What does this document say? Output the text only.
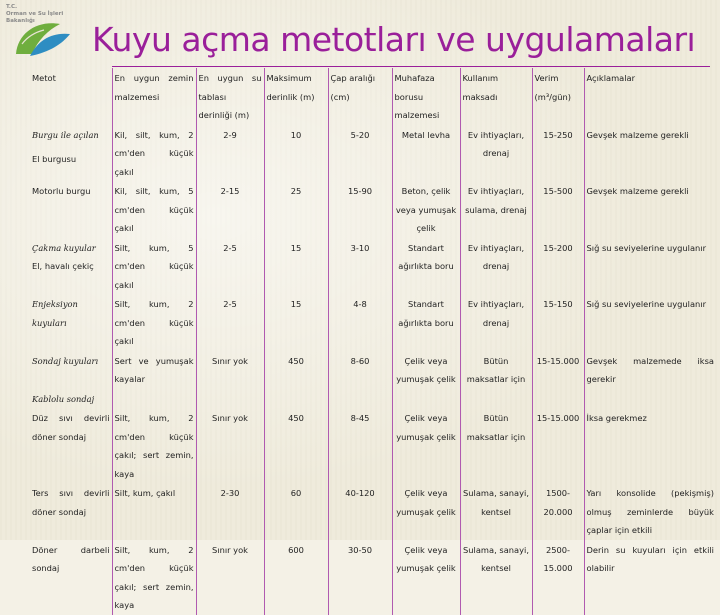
T.C.
Orman ve Su İşleri
Bakanlığı	Kuyu açma metotları ve uygulamaları
Metot	En uygun zemin malzemesi	En uygun su tablası derinliği (m)	Maksimum derinlik (m)	Çap aralığı (cm)	Muhafaza borusu malzemesi	Kullanım maksadı	Verim (m³/gün)	Açıklamalar

Burgu ile açılan
El burgusu	Kil, silt, kum, 2 cm'den küçük çakıl	2-9	10	5-20	Metal levha	Ev ihtiyaçları, drenaj	15-250	Gevşek malzeme gerekli
Motorlu burgu	Kil, silt, kum, 5 cm'den küçük çakıl	2-15	25	15-90	Beton, çelik veya yumuşak çelik	Ev ihtiyaçları, sulama, drenaj	15-500	Gevşek malzeme gerekli

Çakma kuyular
El, havalı çekiç	Silt, kum, 5 cm'den küçük çakıl	2-5	15	3-10	Standart ağırlıkta boru	Ev ihtiyaçları, drenaj	15-200	Sığ su seviyelerine uygulanır

Enjeksiyon kuyuları	Silt, kum, 2 cm'den küçük çakıl	2-5	15	4-8	Standart ağırlıkta boru	Ev ihtiyaçları, drenaj	15-150	Sığ su seviyelerine uygulanır
Sondaj kuyuları	Sert ve yumuşak kayalar	Sınır yok	450	8-60	Çelik veya yumuşak çelik	Bütün maksatlar için	15-15.000	Gevşek malzemede iksa gerekir

Kablolu sondaj								

Düz sıvı devirli döner sondaj	Silt, kum, 2 cm'den küçük çakıl; sert zemin, kaya	Sınır yok	450	8-45	Çelik veya yumuşak çelik	Bütün maksatlar için	15-15.000	İksa gerekmez
Ters sıvı devirli döner sondaj	Silt, kum, çakıl	2-30	60	40-120	Çelik veya yumuşak çelik	Sulama, sanayi, kentsel	1500-20.000	Yarı konsolide (pekişmiş) olmuş zeminlerde büyük çaplar için etkili
Döner darbeli sondaj	Silt, kum, 2 cm'den küçük çakıl; sert zemin, kaya	Sınır yok	600	30-50	Çelik veya yumuşak çelik	Sulama, sanayi, kentsel	2500-15.000	Derin su kuyuları için etkili olabilir
